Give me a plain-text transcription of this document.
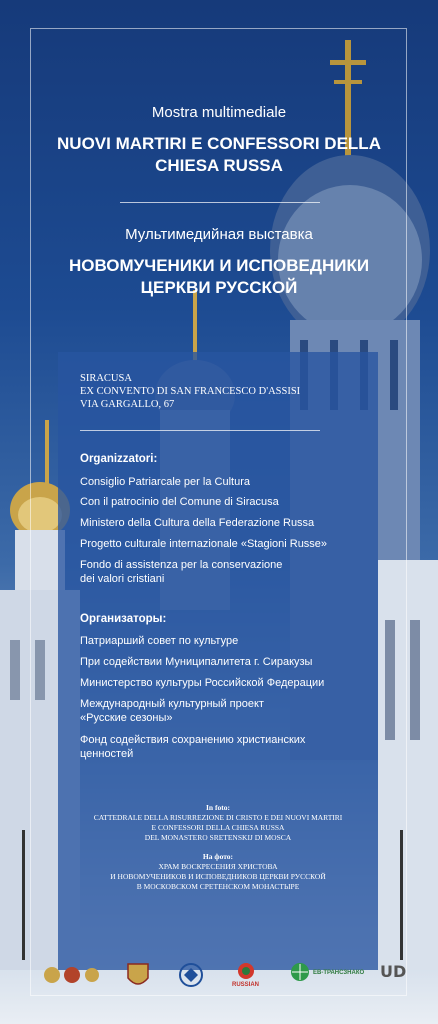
Mostra multimediale
NUOVI MARTIRI E CONFESSORI DELLA
CHIESA RUSSA
Мультимедийная выставка
НОВОМУЧЕНИКИ И ИСПОВЕДНИКИ
ЦЕРКВИ РУССКОЙ
SIRACUSA
EX CONVENTO DI SAN FRANCESCO D'ASSISI
VIA GARGALLO, 67
Organizzatori:
Consiglio Patriarcale per la Cultura
Con il patrocinio del Comune di Siracusa
Ministero della Cultura della Federazione Russa
Progetto culturale internazionale «Stagioni Russe»
Fondo di assistenza per la conservazione
dei valori cristiani
Организаторы:
Патриарший совет по культуре
При содействии Муниципалитета г. Сиракузы
Министерство культуры Российской Федерации
Международный культурный проект
«Русские сезоны»
Фонд содействия сохранению христианских
ценностей
In foto:
CATTEDRALE DELLA RISURREZIONE DI CRISTO E DEI NUOVI MARTIRI
E CONFESSORI DELLA CHIESA RUSSA
DEL MONASTERO SRETENSKIJ DI MOSCA
На фото:
ХРАМ ВОСКРЕСЕНИЯ ХРИСТОВА
И НОВОМУЧЕНИКОВ И ИСПОВЕДНИКОВ ЦЕРКВИ РУССКОЙ
В МОСКОВСКОМ СРЕТЕНСКОМ МОНАСТЫРЕ
RUSSIAN
ЕВ-ТРАНСЗНАКО UD
